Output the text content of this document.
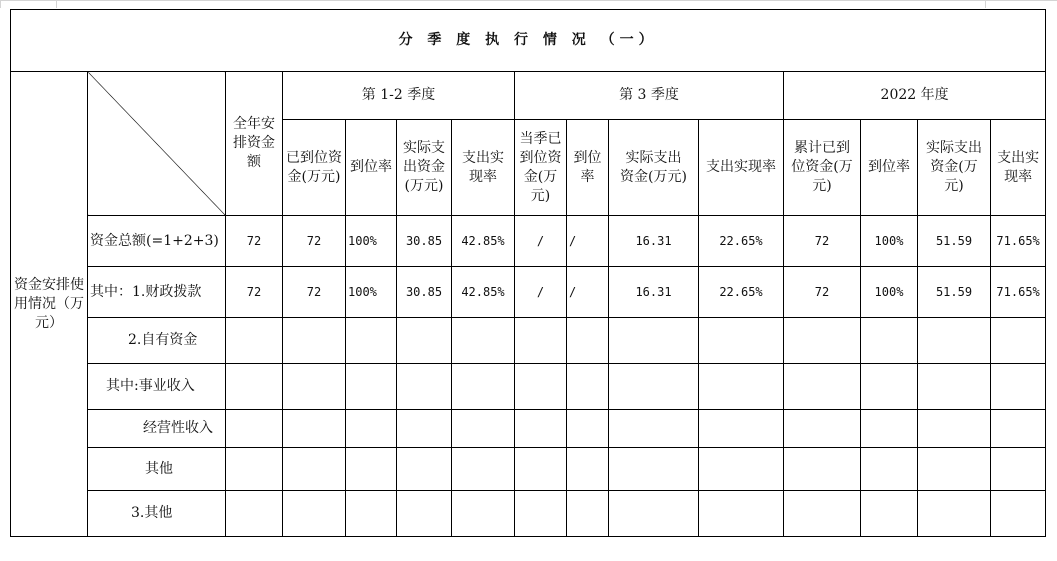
分 季 度 执 行 情 况 （一）														
资金安排使用情况（万元）		全年安排资金额	第 1-2 季度				第 3 季度				2022 年度			
			已到位资金(万元)	到位率	实际支出资金(万元)	支出实现率	当季已到位资金(万元)	到位率	实际支出资金(万元)	支出实现率	累计已到位资金(万元)	到位率	实际支出资金(万元)	支出实现率
	资金总额(=1+2+3)	72	72	100%	30.85	42.85%	/	/	16.31	22.65%	72	100%	51.59	71.65%
	其中：1.财政拨款	72	72	100%	30.85	42.85%	/	/	16.31	22.65%	72	100%	51.59	71.65%
	2.自有资金													
	其中:事业收入													
	经营性收入													
	其他													
	3.其他													
